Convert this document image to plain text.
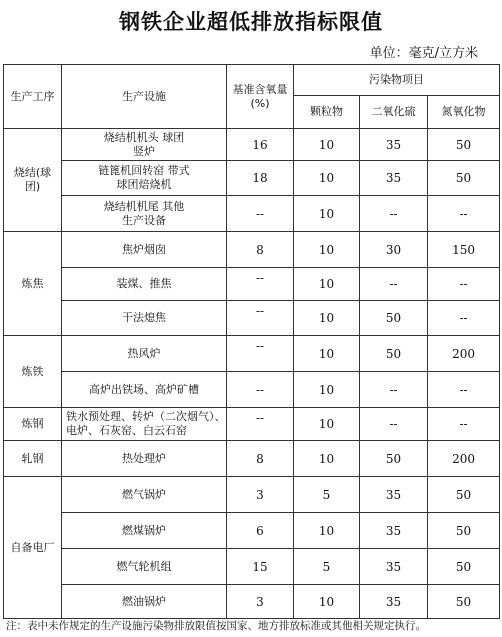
钢铁企业超低排放指标限值
单位：毫克/立方米
生产工序	生产设施	基准含氧量(%)	污染物项目		
			颗粒物	二氧化硫	氮氧化物
烧结(球团)	烧结机机头 球团竖炉	16	10	35	50
	链篦机回转窑 带式球团焙烧机	18	10	35	50
	烧结机机尾 其他生产设备	--	10	--	--
炼焦	焦炉烟囱	8	10	30	150
	装煤、推焦	--	10	--	--
	干法熄焦	--	10	50	--
炼铁	热风炉	--	10	50	200
	高炉出铁场、高炉矿槽	--	10	--	--
炼钢	铁水预处理、转炉（二次烟气）、电炉、石灰窑、白云石窑	--	10	--	--
轧钢	热处理炉	8	10	50	200
自备电厂	燃气锅炉	3	5	35	50
	燃煤锅炉	6	10	35	50
	燃气轮机组	15	5	35	50
	燃油锅炉	3	10	35	50
注：表中未作规定的生产设施污染物排放限值按国家、地方排放标准或其他相关规定执行。
